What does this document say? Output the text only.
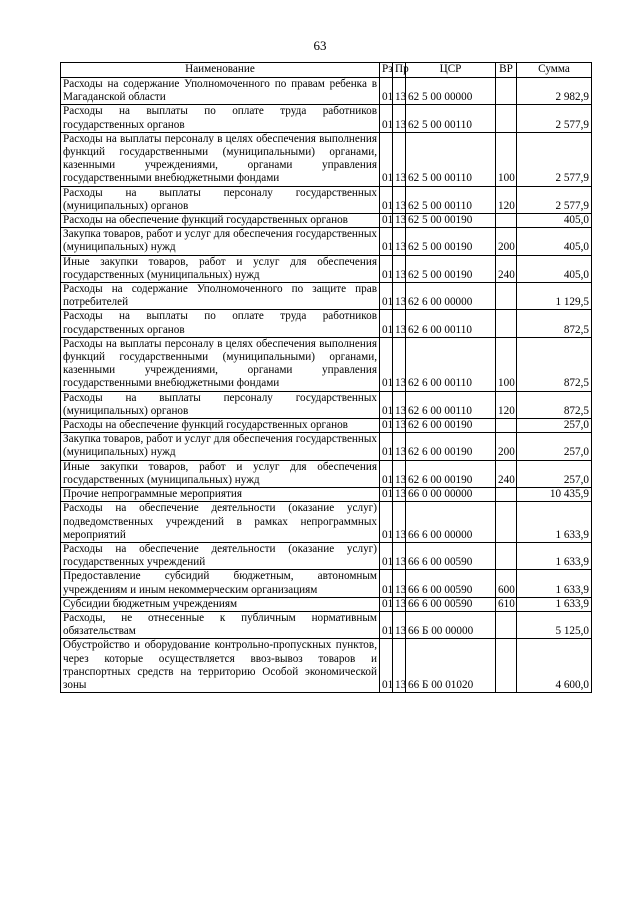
63
Наименование	Рз	Пр	ЦСР	ВР	Сумма
Расходы на содержание Уполномоченного по правам ребенка в Магаданской области	01	13	62 5 00 00000		2 982,9
Расходы на выплаты по оплате труда работников государственных органов	01	13	62 5 00 00110		2 577,9
Расходы на выплаты персоналу в целях обеспечения выполнения функций государственными (муниципальными) органами, казенными учреждениями, органами управления государственными внебюджетными фондами	01	13	62 5 00 00110	100	2 577,9
Расходы на выплаты персоналу государственных (муниципальных) органов	01	13	62 5 00 00110	120	2 577,9
Расходы на обеспечение функций государственных органов	01	13	62 5 00 00190		405,0
Закупка товаров, работ и услуг для обеспечения государственных (муниципальных) нужд	01	13	62 5 00 00190	200	405,0
Иные закупки товаров, работ и услуг для обеспечения государственных (муниципальных) нужд	01	13	62 5 00 00190	240	405,0
Расходы на содержание Уполномоченного по защите прав потребителей	01	13	62 6 00 00000		1 129,5
Расходы на выплаты по оплате труда работников государственных органов	01	13	62 6 00 00110		872,5
Расходы на выплаты персоналу в целях обеспечения выполнения функций государственными (муниципальными) органами, казенными учреждениями, органами управления государственными внебюджетными фондами	01	13	62 6 00 00110	100	872,5
Расходы на выплаты персоналу государственных (муниципальных) органов	01	13	62 6 00 00110	120	872,5
Расходы на обеспечение функций государственных органов	01	13	62 6 00 00190		257,0
Закупка товаров, работ и услуг для обеспечения государственных (муниципальных) нужд	01	13	62 6 00 00190	200	257,0
Иные закупки товаров, работ и услуг для обеспечения государственных (муниципальных) нужд	01	13	62 6 00 00190	240	257,0
Прочие непрограммные мероприятия	01	13	66 0 00 00000		10 435,9
Расходы на обеспечение деятельности (оказание услуг) подведомственных учреждений в рамках непрограммных мероприятий	01	13	66 6 00 00000		1 633,9
Расходы на обеспечение деятельности (оказание услуг) государственных учреждений	01	13	66 6 00 00590		1 633,9
Предоставление субсидий бюджетным, автономным учреждениям и иным некоммерческим организациям	01	13	66 6 00 00590	600	1 633,9
Субсидии бюджетным учреждениям	01	13	66 6 00 00590	610	1 633,9
Расходы, не отнесенные к публичным нормативным обязательствам	01	13	66 Б 00 00000		5 125,0
Обустройство и оборудование контрольно-пропускных пунктов, через которые осуществляется ввоз-вывоз товаров и транспортных средств на территорию Особой экономической зоны	01	13	66 Б 00 01020		4 600,0
